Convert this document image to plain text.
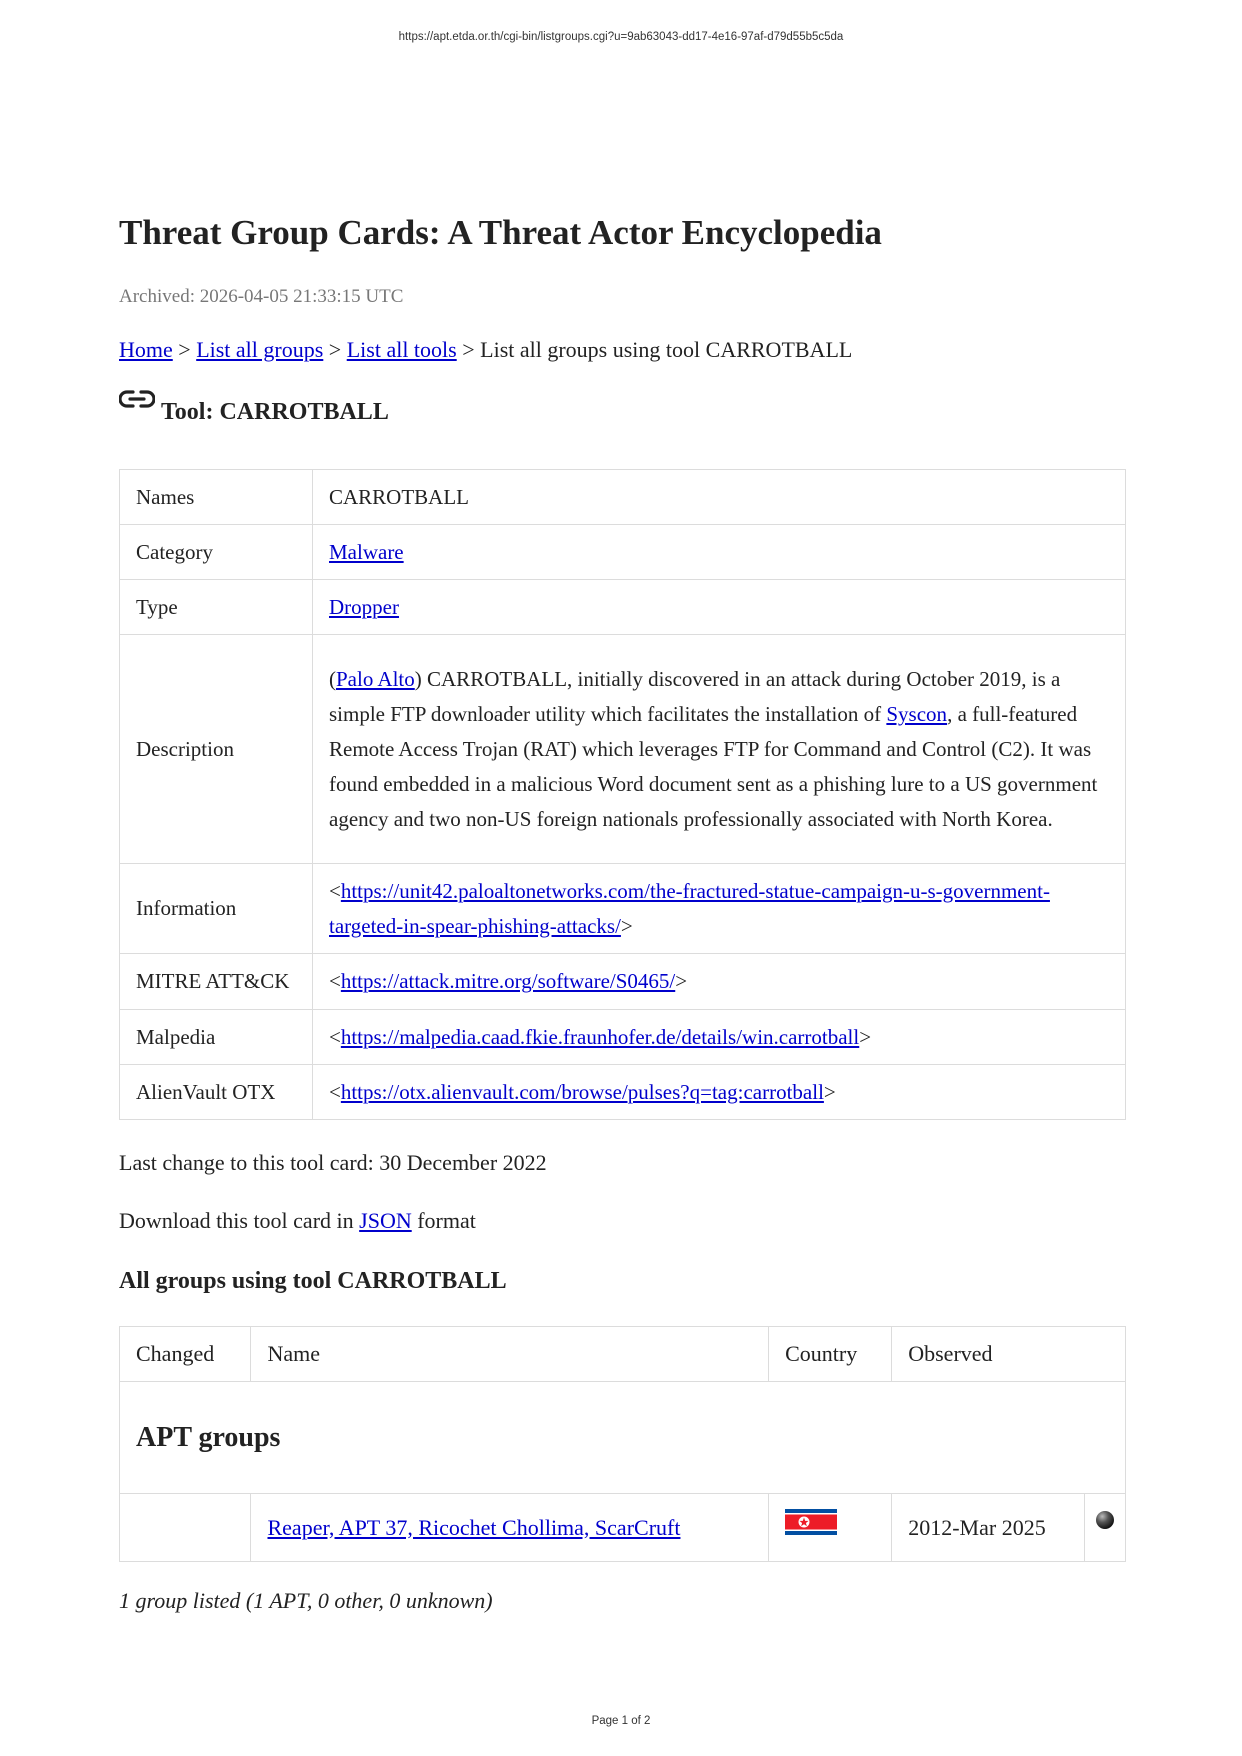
https://apt.etda.or.th/cgi-bin/listgroups.cgi?u=9ab63043-dd17-4e16-97af-d79d55b5c5da
Threat Group Cards: A Threat Actor Encyclopedia
Archived: 2026-04-05 21:33:15 UTC
Home > List all groups > List all tools > List all groups using tool CARROTBALL
Tool: CARROTBALL
Names	CARROTBALL
Category	Malware
Type	Dropper
Description	(Palo Alto) CARROTBALL, initially discovered in an attack during October 2019, is a simple FTP downloader utility which facilitates the installation of Syscon, a full-featured Remote Access Trojan (RAT) which leverages FTP for Command and Control (C2). It was found embedded in a malicious Word document sent as a phishing lure to a US government agency and two non-US foreign nationals professionally associated with North Korea.
Information	<https://unit42.paloaltonetworks.com/the-fractured-statue-campaign-u-s-government-targeted-in-spear-phishing-attacks/>
MITRE ATT&CK	<https://attack.mitre.org/software/S0465/>
Malpedia	<https://malpedia.caad.fkie.fraunhofer.de/details/win.carrotball>
AlienVault OTX	<https://otx.alienvault.com/browse/pulses?q=tag:carrotball>
Last change to this tool card: 30 December 2022
Download this tool card in JSON format
All groups using tool CARROTBALL
Changed	Name	Country	Observed	
APT groups				
	Reaper, APT 37, Ricochet Chollima, ScarCruft		2012-Mar 2025	
1 group listed (1 APT, 0 other, 0 unknown)
Page 1 of 2
